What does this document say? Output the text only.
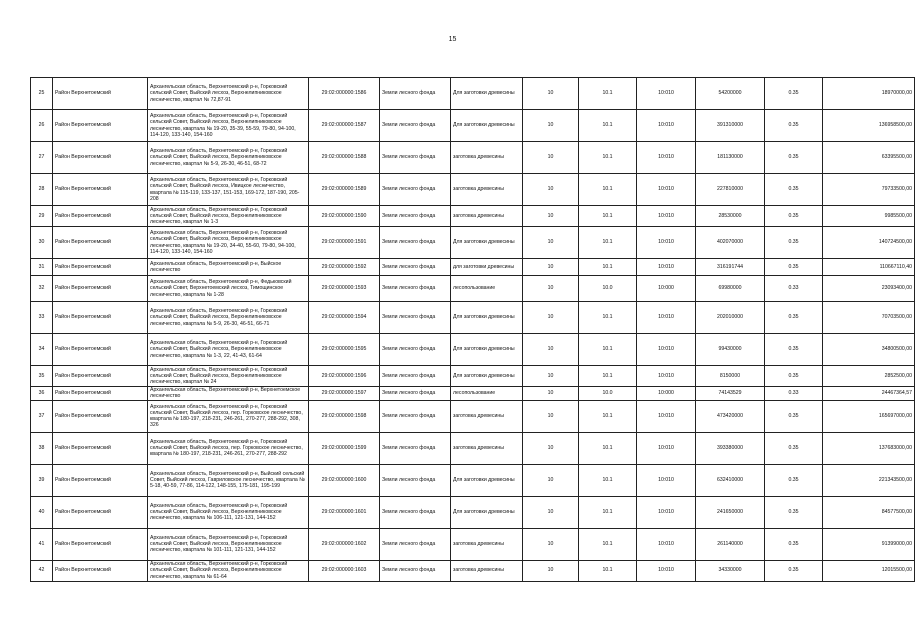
15
25	Район Верхнетоемский	Архангельская область, Верхнетоемский р-н, Горковский сельский Совет, Выйский лесхоз, Верхнелипниковское лесничество, квартал № 72,87-91	29:02:000000:1586	Земли лесного фонда	Для заготовки древесины	10	10.1	10:010	54200000	0.35	18970000,00
26	Район Верхнетоемский	Архангельская область, Верхнетоемский р-н, Горковский сельский Совет, Выйский лесхоз, Верхнелипниковское лесничество, квартала № 19-20, 35-39, 55-59, 79-80, 94-100, 114-120, 133-140, 154-160	29:02:000000:1587	Земли лесного фонда	Для заготовки древесины	10	10.1	10:010	391310000	0.35	136958500,00
27	Район Верхнетоемский	Архангельская область, Верхнетоемский р-н, Горковский сельский Совет, Выйский лесхоз, Верхнелипниковское лесничество, квартал № 5-9, 26-30, 46-51, 68-72	29:02:000000:1588	Земли лесного фонда	заготовка древесины	10	10.1	10:010	181130000	0.35	63395500,00
28	Район Верхнетоемский	Архангельская область, Верхнетоемский р-н, Горковский сельский Совет, Выйский лесхоз, Ивицкое лесничество, квартала № 115-119, 133-137, 151-153, 169-172, 187-190, 205-208	29:02:000000:1589	Земли лесного фонда	заготовка древесины	10	10.1	10:010	227810000	0.35	79733500,00
29	Район Верхнетоемский	Архангельская область, Верхнетоемский р-н, Горковский сельский Совет, Выйский лесхоз, Верхнелипниковское лесничество, квартал № 1-3	29:02:000000:1590	Земли лесного фонда	заготовка древесины	10	10.1	10:010	28530000	0.35	9985500,00
30	Район Верхнетоемский	Архангельская область, Верхнетоемский р-н, Горковский сельский Совет, Выйский лесхоз, Верхнелипниковское лесничество, квартала № 19-20, 34-40, 55-60, 79-80, 94-100, 114-120, 133-140, 154-160	29:02:000000:1591	Земли лесного фонда	Для заготовки древесины	10	10.1	10:010	402070000	0.35	140724500,00
31	Район Верхнетоемский	Архангельская область, Верхнетоемский р-н, Выйское лесничество	29:02:000000:1592	Земли лесного фонда	для заготовки древесины	10	10.1	10:010	316191744	0.35	110667110,40
32	Район Верхнетоемский	Архангельская область, Верхнетоемский р-н, Федьковский сельский Совет, Верхнетоемский лесхоз, Тимощинское лесничество, квартала № 1-28	29:02:000000:1593	Земли лесного фонда	лесопользование	10	10.0	10:000	69980000	0.33	23093400,00
33	Район Верхнетоемский	Архангельская область, Верхнетоемский р-н, Горковский сельский Совет, Выйский лесхоз, Верхнелипниковское лесничество, квартала № 5-9, 26-30, 46-51, 66-71	29:02:000000:1594	Земли лесного фонда	Для заготовки древесины	10	10.1	10:010	202010000	0.35	70703500,00
34	Район Верхнетоемский	Архангельская область, Верхнетоемский р-н, Горковский сельский Совет, Выйский лесхоз, Верхнелипниковское лесничество, квартала № 1-3, 22, 41-43, 61-64	29:02:000000:1595	Земли лесного фонда	Для заготовки древесины	10	10.1	10:010	99430000	0.35	34800500,00
35	Район Верхнетоемский	Архангельская область, Верхнетоемский р-н, Горковский сельский Совет, Выйский лесхоз, Верхнелипниковское лесничество, квартал № 24	29:02:000000:1596	Земли лесного фонда	Для заготовки древесины	10	10.1	10:010	8150000	0.35	2852500,00
36	Район Верхнетоемский	Архангельская область, Верхнетоемский р-н, Верхнетоемское лесничество	29:02:000000:1597	Земли лесного фонда	лесопользование	10	10.0	10:000	74143529	0.33	24467364,57
37	Район Верхнетоемский	Архангельская область, Верхнетоемский р-н, Горковский сельский Совет, Выйский лесхоз, пер. Горковское лесничество, квартала № 180-197, 218-231, 246-261, 270-277, 288-292, 308, 326	29:02:000000:1598	Земли лесного фонда	заготовка древесины	10	10.1	10:010	473420000	0.35	165697000,00
38	Район Верхнетоемский	Архангельская область, Верхнетоемский р-н, Горковский сельский Совет, Выйский лесхоз, пер. Горковское лесничество, квартала № 180-197, 218-231, 246-261, 270-277, 288-292	29:02:000000:1599	Земли лесного фонда	заготовка древесины	10	10.1	10:010	393380000	0.35	137683000,00
39	Район Верхнетоемский	Архангельская область, Верхнетоемский р-н, Выйский сельский Совет, Выйский лесхоз, Гавриловское лесничество, квартала № 5-18, 40-59, 77-86, 114-122, 148-155, 175-181, 195-199	29:02:000000:1600	Земли лесного фонда	Для заготовки древесины	10	10.1	10:010	632410000	0.35	221343500,00
40	Район Верхнетоемский	Архангельская область, Верхнетоемский р-н, Горковский сельский Совет, Выйский лесхоз, Верхнелипниковское лесничество, квартала № 106-111, 121-131, 144-152	29:02:000000:1601	Земли лесного фонда	Для заготовки древесины	10	10.1	10:010	241650000	0.35	84577500,00
41	Район Верхнетоемский	Архангельская область, Верхнетоемский р-н, Горковский сельский Совет, Выйский лесхоз, Верхнелипниковское лесничество, квартала № 101-111, 121-131, 144-152	29:02:000000:1602	Земли лесного фонда	заготовка древесины	10	10.1	10:010	261140000	0.35	91399000,00
42	Район Верхнетоемский	Архангельская область, Верхнетоемский р-н, Горковский сельский Совет, Выйский лесхоз, Верхнелипниковское лесничество, квартала № 61-64	29:02:000000:1603	Земли лесного фонда	заготовка древесины	10	10.1	10:010	34330000	0.35	12015500,00
